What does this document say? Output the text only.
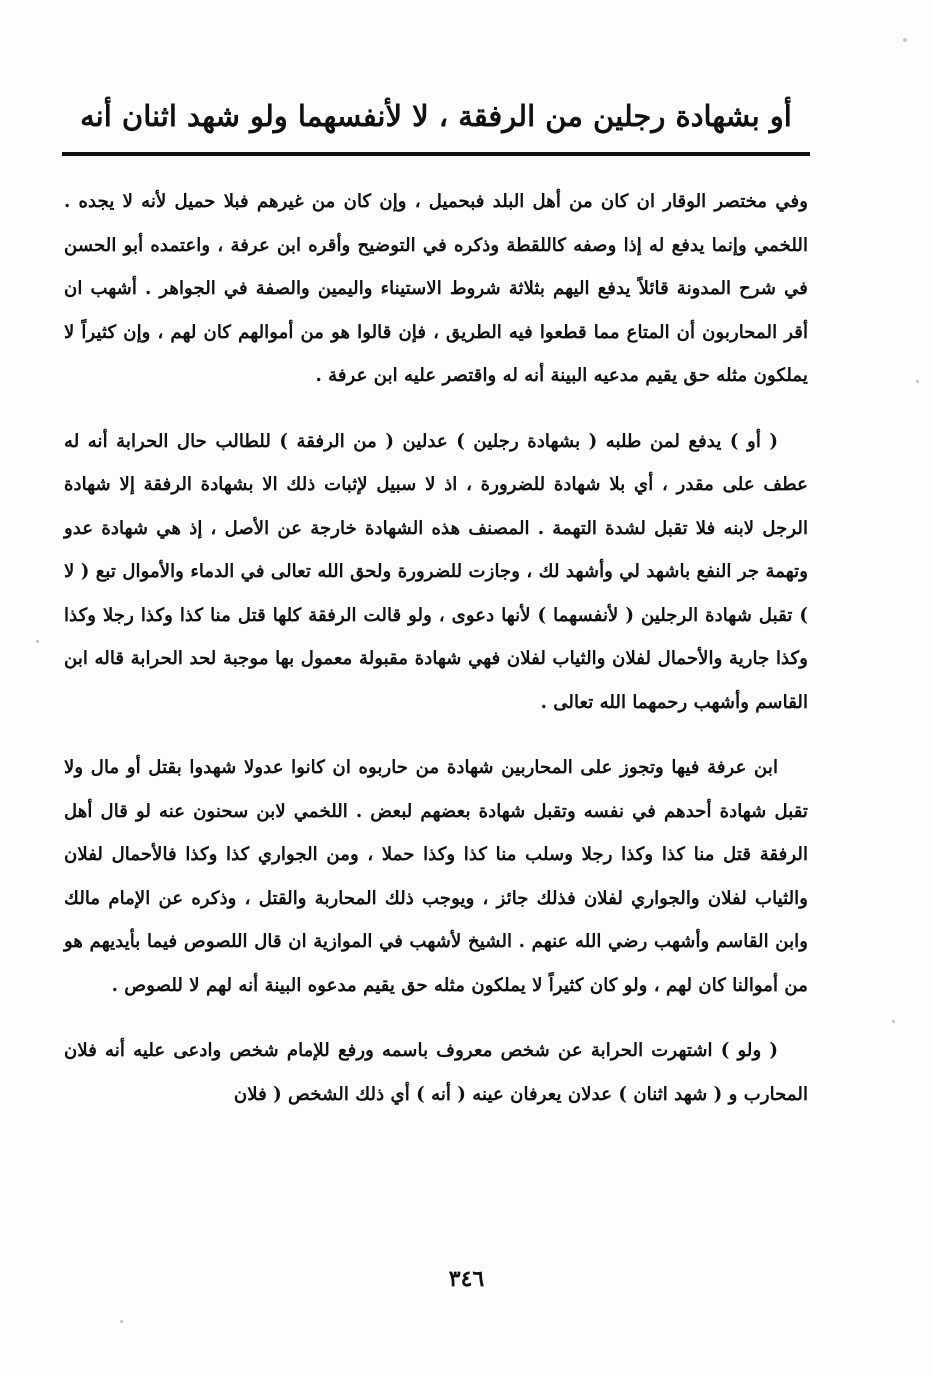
أو بشهادة رجلين من الرفقة ، لا لأنفسهما ولو شهد اثنان أنه

وفي مختصر الوقار ان كان من أهل البلد فبحميل ، وإن كان من غيرهم فبلا حميل لأنه لا يجده . اللخمي وإنما يدفع له إذا وصفه كاللقطة وذكره في التوضيح وأقره ابن عرفة ، واعتمده أبو الحسن في شرح المدونة قائلاً يدفع اليهم بثلاثة شروط الاستيناء واليمين والصفة في الجواهر . أشهب ان أقر المحاربون أن المتاع مما قطعوا فيه الطريق ، فإن قالوا هو من أموالهم كان لهم ، وإن كثيراً لا يملكون مثله حق يقيم مدعيه البينة أنه له واقتصر عليه ابن عرفة .

( أو ) يدفع لمن طلبه ( بشهادة رجلين ) عدلين ( من الرفقة ) للطالب حال الحرابة أنه له عطف على مقدر ، أي بلا شهادة للضرورة ، اذ لا سبيل لإثبات ذلك الا بشهادة الرفقة إلا شهادة الرجل لابنه فلا تقبل لشدة التهمة . المصنف هذه الشهادة خارجة عن الأصل ، إذ هي شهادة عدو وتهمة جر النفع باشهد لي وأشهد لك ، وجازت للضرورة ولحق الله تعالى في الدماء والأموال تبع ( لا ) تقبل شهادة الرجلين ( لأنفسهما ) لأنها دعوى ، ولو قالت الرفقة كلها قتل منا كذا وكذا رجلا وكذا وكذا جارية والأحمال لفلان والثياب لفلان فهي شهادة مقبولة معمول بها موجبة لحد الحرابة قاله ابن القاسم وأشهب رحمهما الله تعالى .

ابن عرفة فيها وتجوز على المحاربين شهادة من حاربوه ان كانوا عدولا شهدوا بقتل أو مال ولا تقبل شهادة أحدهم في نفسه وتقبل شهادة بعضهم لبعض . اللخمي لابن سحنون عنه لو قال أهل الرفقة قتل منا كذا وكذا رجلا وسلب منا كذا وكذا حملا ، ومن الجواري كذا وكذا فالأحمال لفلان والثياب لفلان والجواري لفلان فذلك جائز ، ويوجب ذلك المحاربة والقتل ، وذكره عن الإمام مالك وابن القاسم وأشهب رضي الله عنهم . الشيخ لأشهب في الموازية ان قال اللصوص فيما بأيديهم هو من أموالنا كان لهم ، ولو كان كثيراً لا يملكون مثله حق يقيم مدعوه البينة أنه لهم لا للصوص .

( ولو ) اشتهرت الحرابة عن شخص معروف باسمه ورفع للإمام شخص وادعى عليه أنه فلان المحارب و ( شهد اثنان ) عدلان يعرفان عينه ( أنه ) أي ذلك الشخص ( فلان

٣٤٦
